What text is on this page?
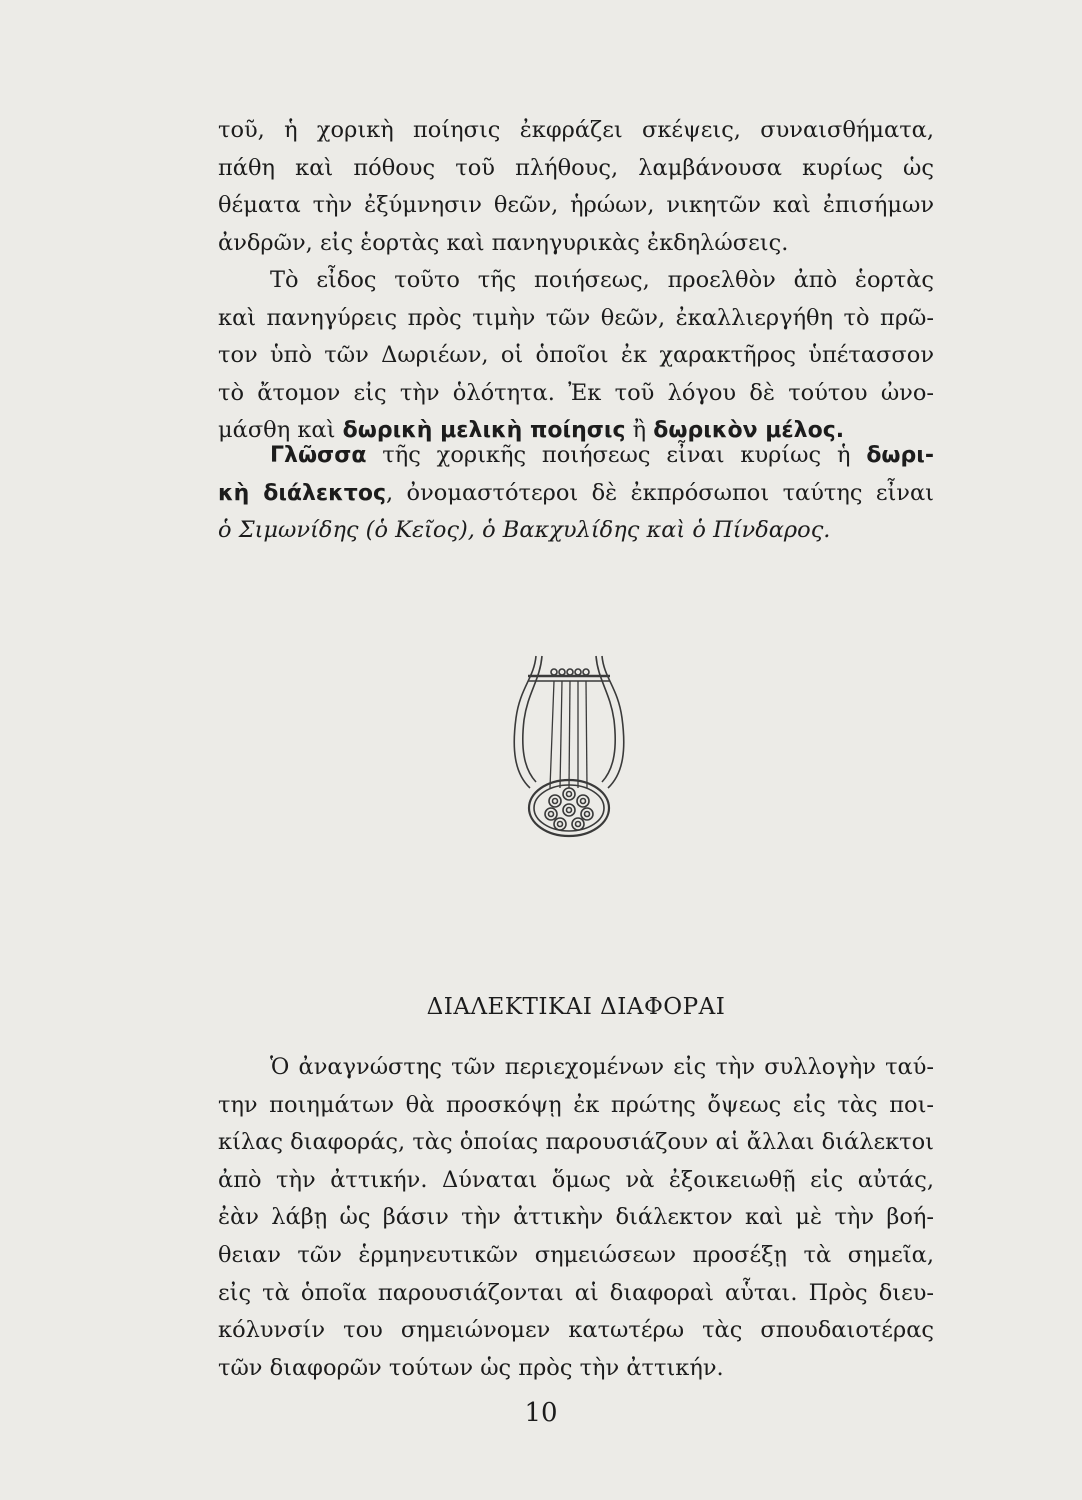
τοῦ, ἡ χορικὴ ποίησις ἐκφράζει σκέψεις, συναισθήματα,
πάθη καὶ πόθους τοῦ πλήθους, λαμβάνουσα κυρίως ὡς
θέματα τὴν ἐξύμνησιν θεῶν, ἡρώων, νικητῶν καὶ ἐπισήμων
ἀνδρῶν, εἰς ἑορτὰς καὶ πανηγυρικὰς ἐκδηλώσεις.
Τὸ εἶδος τοῦτο τῆς ποιήσεως, προελθὸν ἀπὸ ἑορτὰς
καὶ πανηγύρεις πρὸς τιμὴν τῶν θεῶν, ἐκαλλιεργήθη τὸ πρῶ-
τον ὑπὸ τῶν Δωριέων, οἱ ὁποῖοι ἐκ χαρακτῆρος ὑπέτασσον
τὸ ἄτομον εἰς τὴν ὁλότητα. Ἐκ τοῦ λόγου δὲ τούτου ὠνο-
μάσθη καὶ δωρικὴ μελικὴ ποίησις ἢ δωρικὸν μέλος.
Γλῶσσα τῆς χορικῆς ποιήσεως εἶναι κυρίως ἡ δωρι-
κὴ διάλεκτος, ὀνομαστότεροι δὲ ἐκπρόσωποι ταύτης εἶναι
ὁ Σιμωνίδης (ὁ Κεῖος), ὁ Βακχυλίδης καὶ ὁ Πίνδαρος.
ΔΙΑΛΕΚΤΙΚΑΙ ΔΙΑΦΟΡΑΙ
Ὁ ἀναγνώστης τῶν περιεχομένων εἰς τὴν συλλογὴν ταύ-
την ποιημάτων θὰ προσκόψῃ ἐκ πρώτης ὄψεως εἰς τὰς ποι-
κίλας διαφοράς, τὰς ὁποίας παρουσιάζουν αἱ ἄλλαι διάλεκτοι
ἀπὸ τὴν ἀττικήν. Δύναται ὅμως νὰ ἐξοικειωθῇ εἰς αὐτάς,
ἐὰν λάβῃ ὡς βάσιν τὴν ἀττικὴν διάλεκτον καὶ μὲ τὴν βοή-
θειαν τῶν ἑρμηνευτικῶν σημειώσεων προσέξῃ τὰ σημεῖα,
εἰς τὰ ὁποῖα παρουσιάζονται αἱ διαφοραὶ αὗται. Πρὸς διευ-
κόλυνσίν του σημειώνομεν κατωτέρω τὰς σπουδαιοτέρας
τῶν διαφορῶν τούτων ὡς πρὸς τὴν ἀττικήν.
10
